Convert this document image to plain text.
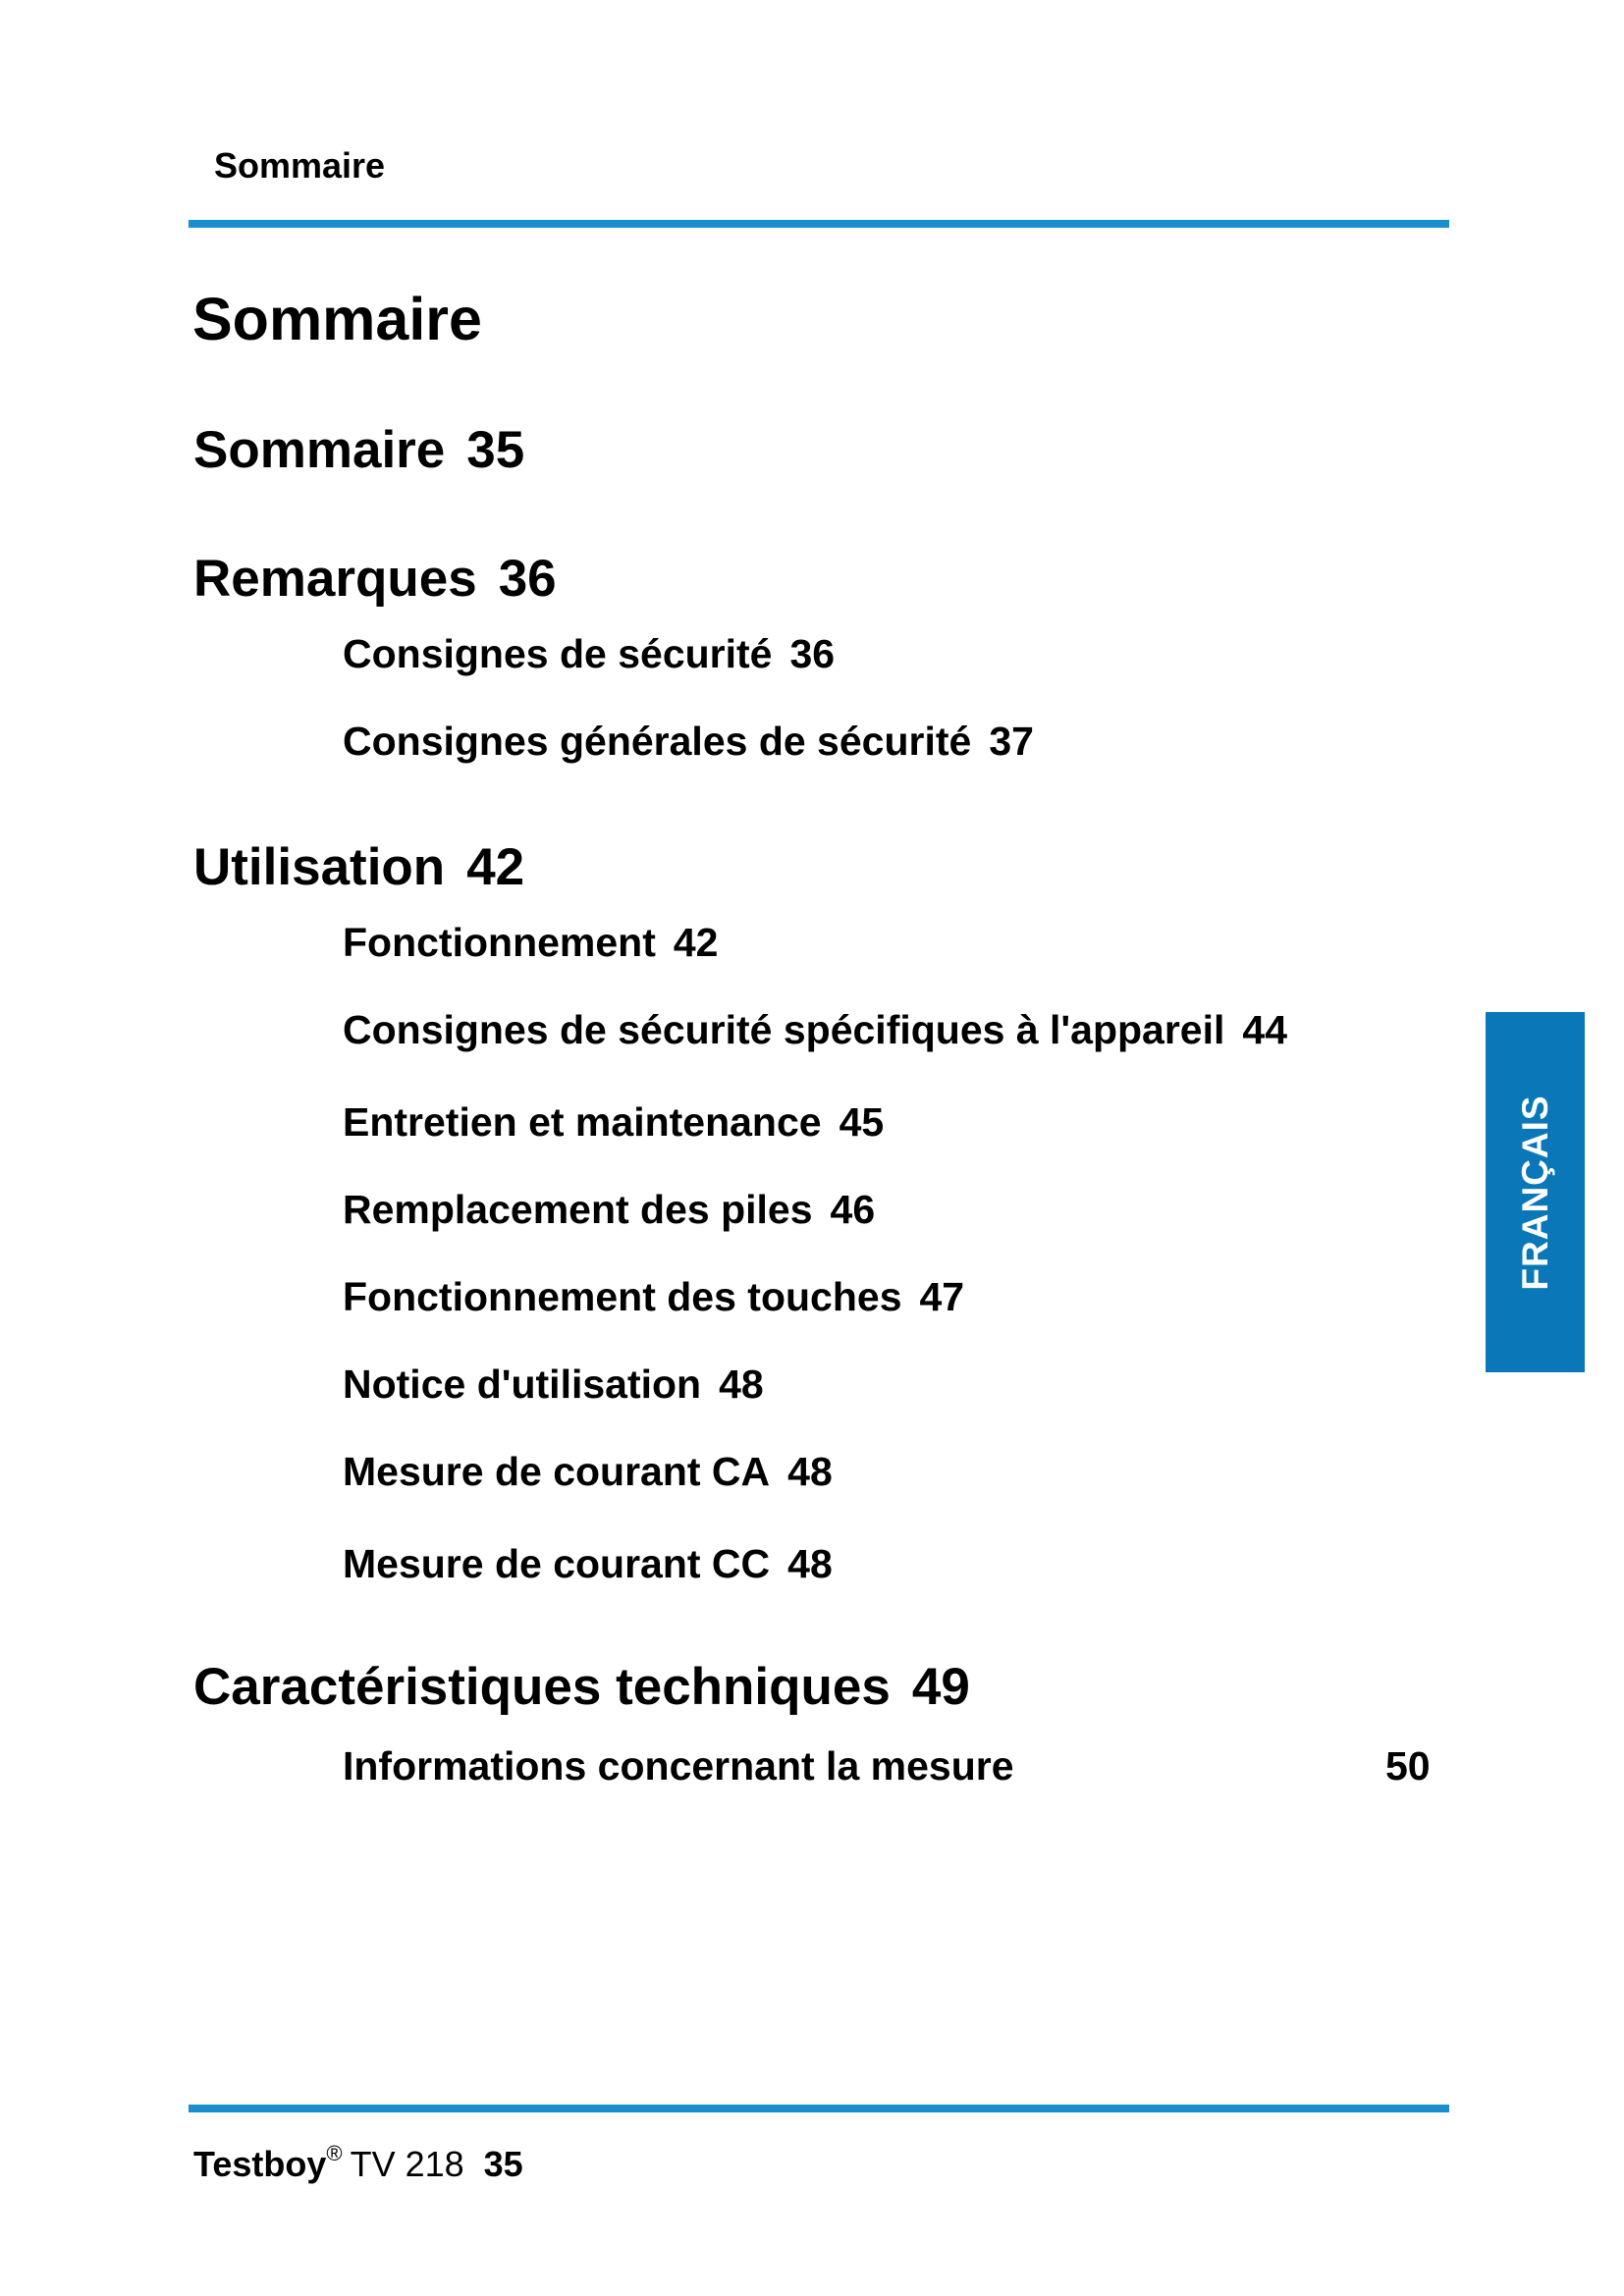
Sommaire
Sommaire
Sommaire 35
Remarques 36
Consignes de sécurité 36
Consignes générales de sécurité 37
Utilisation 42
Fonctionnement 42
Consignes de sécurité spécifiques à l'appareil 44
Entretien et maintenance 45
Remplacement des piles 46
Fonctionnement des touches 47
Notice d'utilisation 48
Mesure de courant CA 48
Mesure de courant CC 48
Caractéristiques techniques 49
Informations concernant la mesure	50
FRANÇAIS
Testboy® TV 218 35
